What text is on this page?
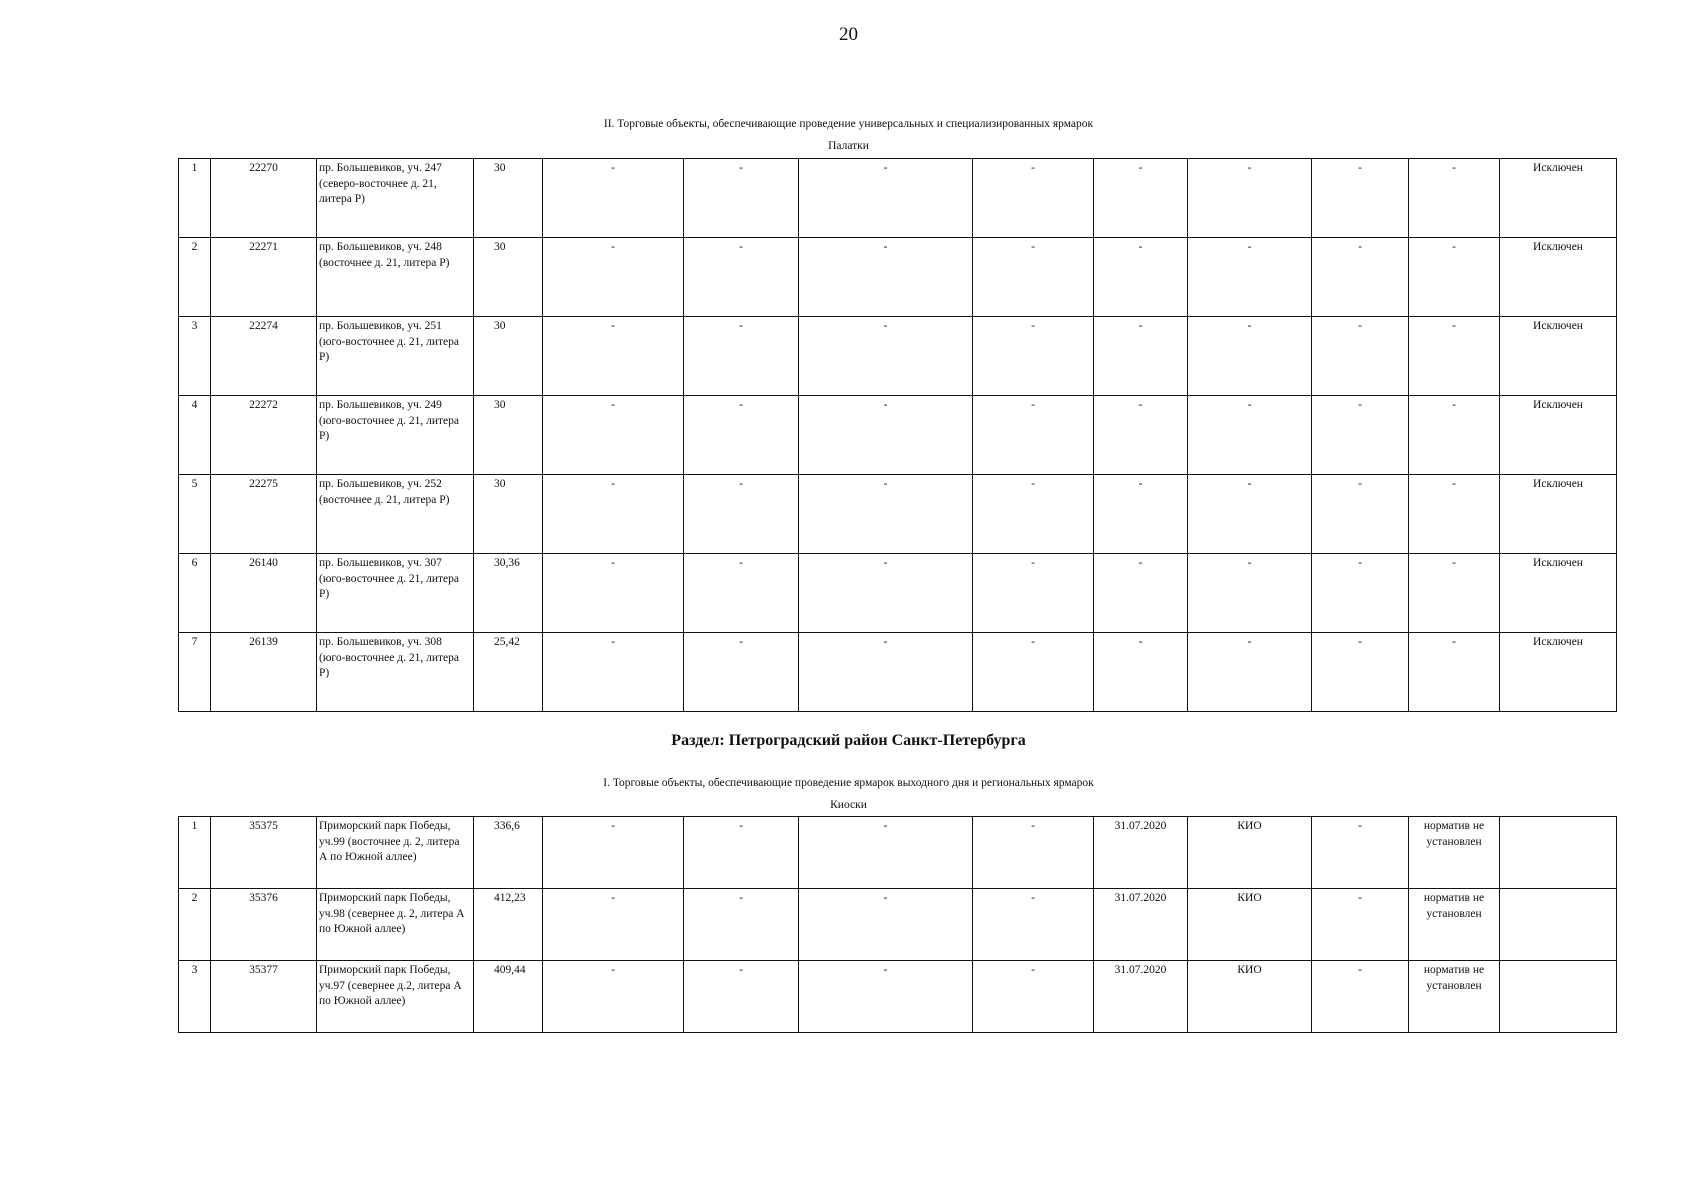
20
II. Торговые объекты, обеспечивающие проведение универсальных и специализированных ярмарок
Палатки
1	22270	пр. Большевиков, уч. 247 (северо-восточнее д. 21, литера Р)	30	-	-	-	-	-	-	-	-	Исключен
2	22271	пр. Большевиков, уч. 248 (восточнее д. 21, литера Р)	30	-	-	-	-	-	-	-	-	Исключен
3	22274	пр. Большевиков, уч. 251 (юго-восточнее д. 21, литера Р)	30	-	-	-	-	-	-	-	-	Исключен
4	22272	пр. Большевиков, уч. 249 (юго-восточнее д. 21, литера Р)	30	-	-	-	-	-	-	-	-	Исключен
5	22275	пр. Большевиков, уч. 252 (восточнее д. 21, литера Р)	30	-	-	-	-	-	-	-	-	Исключен
6	26140	пр. Большевиков, уч. 307 (юго-восточнее д. 21, литера Р)	30,36	-	-	-	-	-	-	-	-	Исключен
7	26139	пр. Большевиков, уч. 308 (юго-восточнее д. 21, литера Р)	25,42	-	-	-	-	-	-	-	-	Исключен
Раздел: Петроградский район Санкт-Петербурга
I. Торговые объекты, обеспечивающие проведение ярмарок выходного дня и региональных ярмарок
Киоски
1	35375	Приморский парк Победы, уч.99 (восточнее д. 2, литера А по Южной аллее)	336,6	-	-	-	-	31.07.2020	КИО	-	норматив не установлен	
2	35376	Приморский парк Победы, уч.98 (севернее д. 2, литера А по Южной аллее)	412,23	-	-	-	-	31.07.2020	КИО	-	норматив не установлен	
3	35377	Приморский парк Победы, уч.97 (севернее д.2, литера А по Южной аллее)	409,44	-	-	-	-	31.07.2020	КИО	-	норматив не установлен	
